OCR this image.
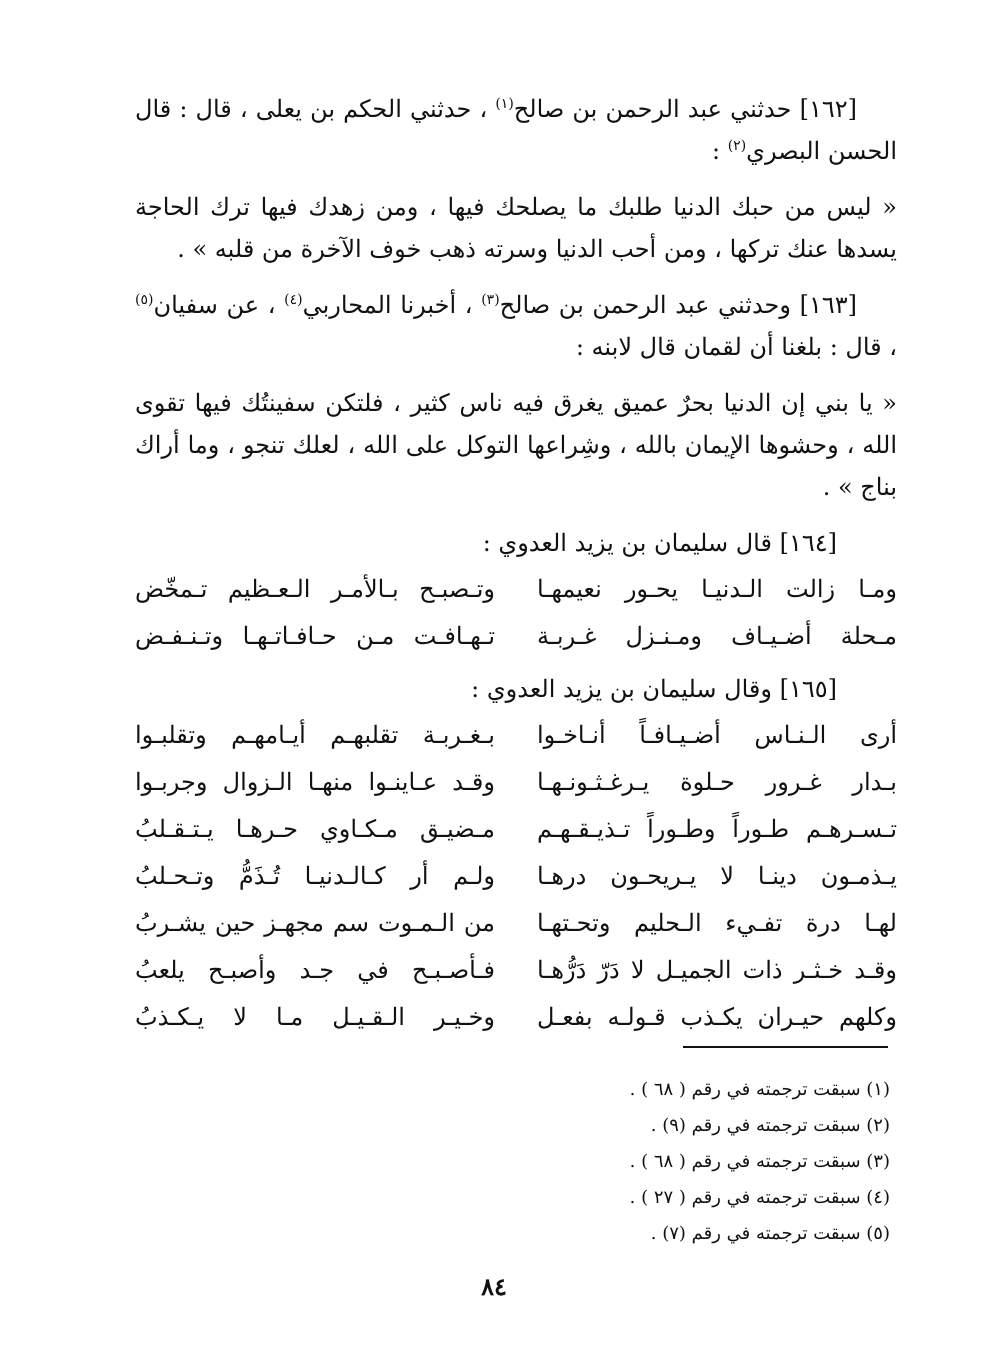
[١٦٢] حدثني عبد الرحمن بن صالح$^{(١)}$ ، حدثني الحكم بن يعلى ، قال : قال الحسن البصري$^{(٢)}$ :

« ليس من حبك الدنيا طلبك ما يصلحك فيها ، ومن زهدك فيها ترك الحاجة يسدها عنك تركها ، ومن أحب الدنيا وسرته ذهب خوف الآخرة من قلبه » .

[١٦٣] وحدثني عبد الرحمن بن صالح$^{(٣)}$ ، أخبرنا المحاربي$^{(٤)}$ ، عن سفيان$^{(٥)}$ ، قال : بلغنا أن لقمان قال لابنه :

« يا بني إن الدنيا بحرٌ عميق يغرق فيه ناس كثير ، فلتكن سفينتُك فيها تقوى الله ، وحشوها الإيمان بالله ، وشِراعها التوكل على الله ، لعلك تنجو ، وما أراك بناج » .

[١٦٤] قال سليمان بن يزيد العدوي :
ومـا زالت الـدنيـا يحـور نعيمهـا
وتـصبـح بـالأمـر الـعـظيم تـمخّض
مـحلة أضـيـاف ومـنـزل غـربـة
تـهـافـت مـن حـافـاتـهـا وتـنـفـض
[١٦٥] وقال سليمان بن يزيد العدوي :
أرى الـنـاس أضـيـافـاً أنـاخـوا
بـغـربـة تقلبهـم أيـامهـم وتقلبـوا
بـدار غـرور حـلوة يـرغـثـونـهـا
وقـد عـاينـوا منهـا الـزوال وجربـوا
تـسـرهـم طـوراً وطـوراً تـذيـقـهـم
مـضيـق مـكـاوي حـرهـا يـتـقـلبُ
يـذمـون دينـا لا يـريحـون درهـا
ولـم أر كـالـدنيـا تُـذَمُّ وتـحـلبُ
لهـا درة تفـيء الـحليم وتحـتهـا
من الـمـوت سم مجهـز حين يشـربُ
وقـد خـثـر ذات الجميـل لا دَرّ دَرُّهـا
فـأصـبـح في جـد وأصبـح يلعبُ
وكلهم حيـران يكـذب قـولـه بفعـل
وخـيـر الـقـيـل مـا لا يـكـذبُ
(١) سبقت ترجمته في رقم ( ٦٨ ) .
(٢) سبقت ترجمته في رقم (٩) .
(٣) سبقت ترجمته في رقم ( ٦٨ ) .
(٤) سبقت ترجمته في رقم ( ٢٧ ) .
(٥) سبقت ترجمته في رقم (٧) .
٨٤
